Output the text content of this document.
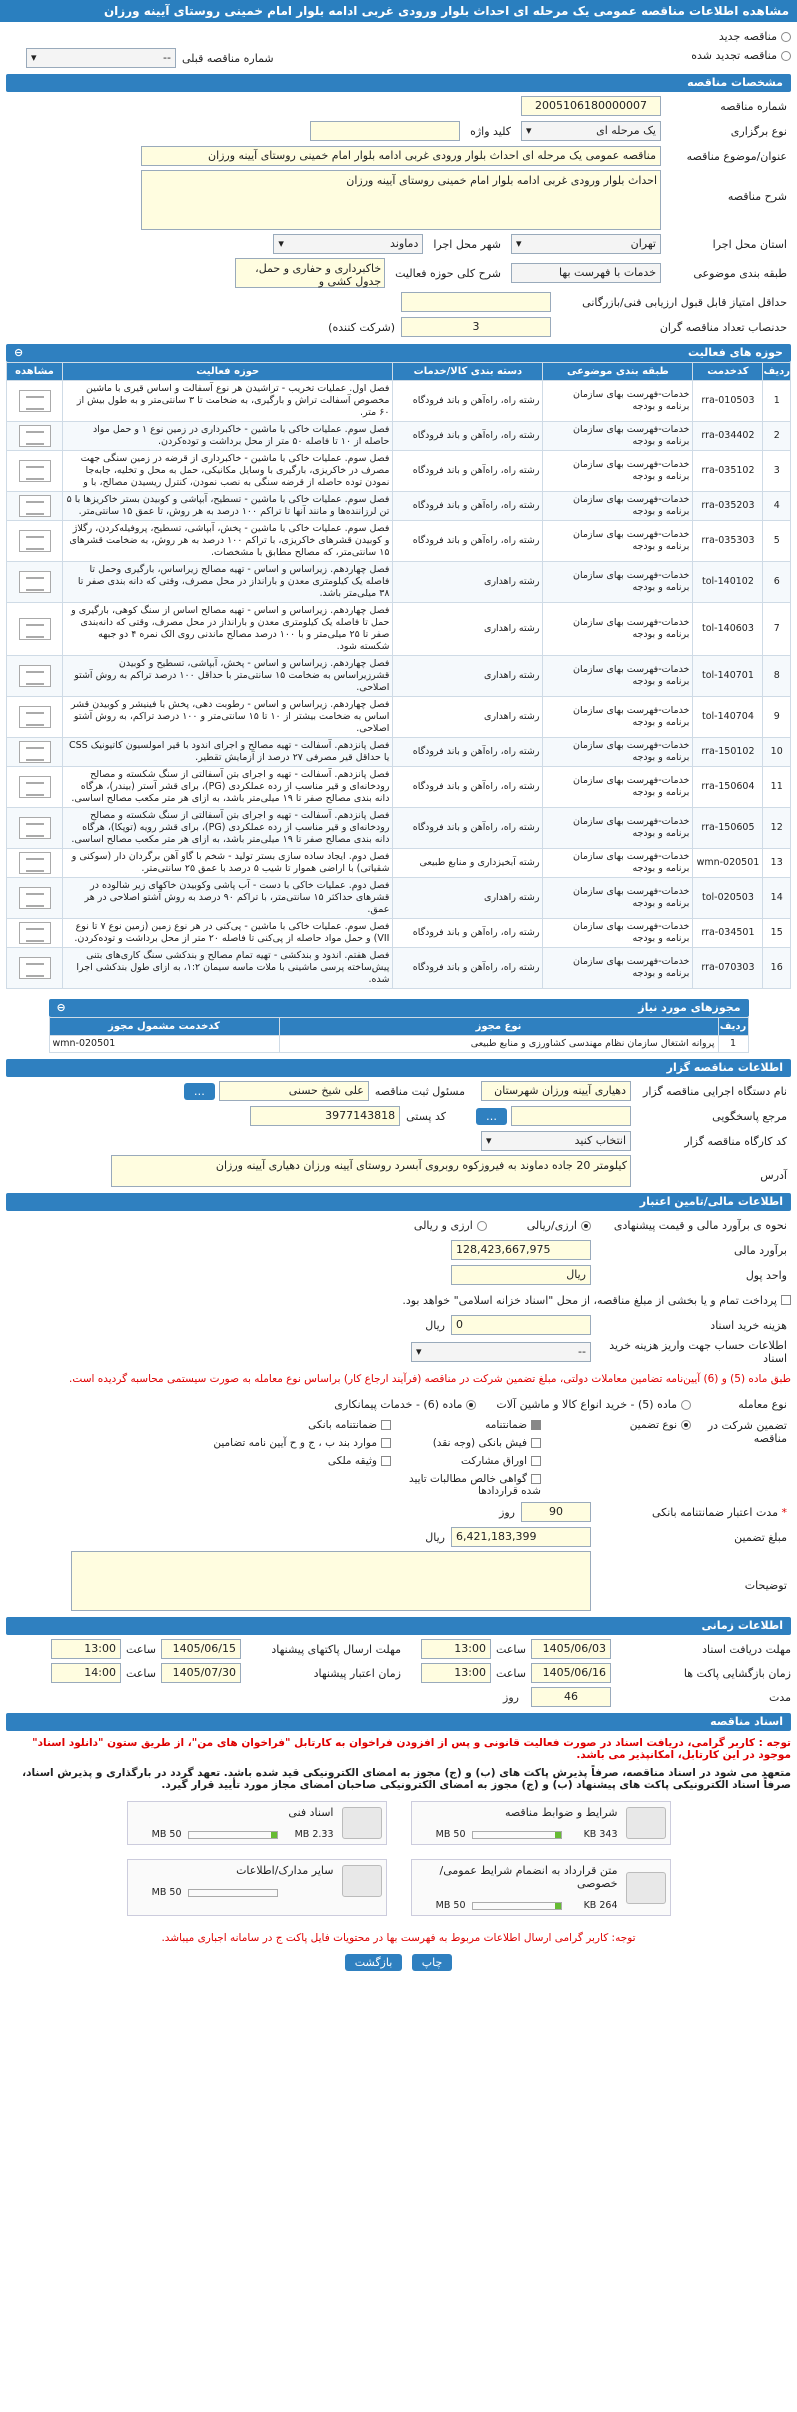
مشاهده اطلاعات مناقصه عمومی یک مرحله ای احداث بلوار ورودی غربی ادامه بلوار امام خمینی روستای آیینه ورزان
مناقصه جدید
مناقصه تجدید شده
شماره مناقصه قبلی
--
▾
مشخصات مناقصه
شماره مناقصه
2005106180000007
نوع برگزاری
یک مرحله ای
▾
کلید واژه
عنوان/موضوع مناقصه
مناقصه عمومی یک مرحله ای احداث بلوار ورودی غربی ادامه بلوار امام خمینی روستای آیینه ورزان
شرح مناقصه
احداث بلوار ورودی غربی ادامه بلوار امام خمینی روستای آیینه ورزان
استان محل اجرا
تهران
▾
شهر محل اجرا
دماوند
▾
طبقه بندی موضوعی
خدمات با فهرست بها
شرح کلی حوزه فعالیت
خاکبرداری و حفاری و حمل، جدول کشی و
حداقل امتیاز قابل قبول ارزیابی فنی/بازرگانی
حدنصاب تعداد مناقصه گران
3
(شرکت کننده)
حوزه های فعالیت
⊖
ردیف	کدخدمت	طبقه بندی موضوعی	دسته بندی کالا/خدمات	حوزه فعالیت	مشاهده
1	rra-010503	خدمات-فهرست بهای سازمان برنامه و بودجه	رشته راه، راه‌آهن و باند فرودگاه	فصل اول. عملیات تخریب - تراشیدن هر نوع آسفالت و اساس قیری با ماشین مخصوص آسفالت تراش و بارگیری، به ضخامت تا ۳ سانتی‌متر و به طول بیش از ۶۰ متر.	

2	rra-034402	خدمات-فهرست بهای سازمان برنامه و بودجه	رشته راه، راه‌آهن و باند فرودگاه	فصل سوم. عملیات خاکی با ماشین - خاکبرداری در زمین نوع ۱ و حمل مواد حاصله از ۱۰ تا فاصله ۵۰ متر از محل برداشت و توده‌کردن.	

3	rra-035102	خدمات-فهرست بهای سازمان برنامه و بودجه	رشته راه، راه‌آهن و باند فرودگاه	فصل سوم. عملیات خاکی با ماشین - خاکبرداری از قرضه در زمین سنگی جهت مصرف در خاکریزی، بارگیری با وسایل مکانیکی، حمل به محل و تخلیه، جابه‌جا نمودن توده حاصله از قرضه سنگی به نصب نمودن، کنترل ریسیدن مصالح، با و	

4	rra-035203	خدمات-فهرست بهای سازمان برنامه و بودجه	رشته راه، راه‌آهن و باند فرودگاه	فصل سوم. عملیات خاکی با ماشین - تسطیح، آبپاشی و کوبیدن بستر خاکریزها با ۵ تن لرزاننده‌ها و مانند آنها تا تراکم ۱۰۰ درصد به هر روش، تا عمق ۱۵ سانتی‌متر.	

5	rra-035303	خدمات-فهرست بهای سازمان برنامه و بودجه	رشته راه، راه‌آهن و باند فرودگاه	فصل سوم. عملیات خاکی با ماشین - پخش، آبپاشی، تسطیح، پروفیله‌کردن، رگلاژ و کوبیدن قشرهای خاکریزی، با تراکم ۱۰۰ درصد به هر روش، به ضخامت قشرهای ۱۵ سانتی‌متر، که مصالح مطابق با مشخصات.	

6	tol-140102	خدمات-فهرست بهای سازمان برنامه و بودجه	رشته راهداری	فصل چهاردهم. زیراساس و اساس - تهیه مصالح زیراساس، بارگیری وحمل تا فاصله یک کیلومتری معدن و بارانداز در محل مصرف، وقتی که دانه بندی صفر تا ۳۸ میلی‌متر باشد.	

7	tol-140603	خدمات-فهرست بهای سازمان برنامه و بودجه	رشته راهداری	فصل چهاردهم. زیراساس و اساس - تهیه مصالح اساس از سنگ کوهی، بارگیری و حمل تا فاصله یک کیلومتری معدن و بارانداز در محل مصرف، وقتی که دانه‌بندی صفر تا ۲۵ میلی‌متر و با ۱۰۰ درصد مصالح ماندنی روی الک نمره ۴ دو جبهه شکسته شود.	

8	tol-140701	خدمات-فهرست بهای سازمان برنامه و بودجه	رشته راهداری	فصل چهاردهم. زیراساس و اساس - پخش، آبپاشی، تسطیح و کوبیدن قشرزیراساس به ضخامت ۱۵ سانتی‌متر با حداقل ۱۰۰ درصد تراکم به روش آشتو اصلاحی.	

9	tol-140704	خدمات-فهرست بهای سازمان برنامه و بودجه	رشته راهداری	فصل چهاردهم. زیراساس و اساس - رطوبت دهی، پخش با فینیشر و کوبیدن قشر اساس به ضخامت بیشتر از ۱۰ تا ۱۵ سانتی‌متر و ۱۰۰ درصد تراکم، به روش آشتو اصلاحی.	

10	rra-150102	خدمات-فهرست بهای سازمان برنامه و بودجه	رشته راه، راه‌آهن و باند فرودگاه	فصل پانزدهم. آسفالت - تهیه مصالح و اجرای اندود با قیر امولسیون کاتیونیک CSS یا حداقل قیر مصرفی ۲۷ درصد از آزمایش تقطیر.	

11	rra-150604	خدمات-فهرست بهای سازمان برنامه و بودجه	رشته راه، راه‌آهن و باند فرودگاه	فصل پانزدهم. آسفالت - تهیه و اجرای بتن آسفالتی از سنگ شکسته و مصالح رودخانه‌ای و قیر مناسب از رده عملکردی (PG)، برای قشر آستر (بیندر)، هرگاه دانه بندی مصالح صفر تا ۱۹ میلی‌متر باشد، به ازای هر متر مکعب مصالح اساسی.	

12	rra-150605	خدمات-فهرست بهای سازمان برنامه و بودجه	رشته راه، راه‌آهن و باند فرودگاه	فصل پانزدهم. آسفالت - تهیه و اجرای بتن آسفالتی از سنگ شکسته و مصالح رودخانه‌ای و قیر مناسب از رده عملکردی (PG)، برای قشر رویه (توپکا)، هرگاه دانه بندی مصالح صفر تا ۱۹ میلی‌متر باشد، به ازای هر متر مکعب مصالح اساسی.	

13	wmn-020501	خدمات-فهرست بهای سازمان برنامه و بودجه	رشته آبخیزداری و منابع طبیعی	فصل دوم. ایجاد ساده سازی بستر تولید - شخم با گاو آهن برگردان دار (سوکنی و شقیاتی) با اراضی هموار تا شیب ۵ درصد با عمق ۲۵ سانتی‌متر.	

14	tol-020503	خدمات-فهرست بهای سازمان برنامه و بودجه	رشته راهداری	فصل دوم. عملیات خاکی با دست - آب پاشی وکوبیدن خاکهای زیر شالوده در قشرهای حداکثر ۱۵ سانتی‌متر، با تراکم ۹۰ درصد به روش آشتو اصلاحی در هر عمق.	

15	rra-034501	خدمات-فهرست بهای سازمان برنامه و بودجه	رشته راه، راه‌آهن و باند فرودگاه	فصل سوم. عملیات خاکی با ماشین - پی‌کنی در هر نوع زمین (زمین نوع ۷ تا نوع VII) و حمل مواد حاصله از پی‌کنی تا فاصله ۲۰ متر از محل برداشت و توده‌کردن.	

16	rra-070303	خدمات-فهرست بهای سازمان برنامه و بودجه	رشته راه، راه‌آهن و باند فرودگاه	فصل هفتم. اندود و بندکشی - تهیه تمام مصالح و بندکشی سنگ کاری‌های بتنی پیش‌ساخته پرسی ماشینی با ملات ماسه سیمان ۱:۲، به ازای طول بندکشی اجرا شده.	
مجوزهای مورد نیاز
⊖
ردیف	نوع مجوز	کدخدمت مشمول مجوز
1	پروانه اشتغال سازمان نظام مهندسی کشاورزی و منابع طبیعی	wmn-020501
اطلاعات مناقصه گزار
نام دستگاه اجرایی مناقصه گزار
دهیاری آیینه ورزان شهرستان
مسئول ثبت مناقصه
علی شیخ حسنی
…
مرجع پاسخگویی
…
کد پستی
3977143818
کد کارگاه مناقصه گزار
انتخاب کنید
▾
آدرس
کیلومتر 20 جاده دماوند به فیروزکوه روبروی آبسرد روستای آیینه ورزان دهیاری آیینه ورزان
اطلاعات مالی/تامین اعتبار
نحوه ی برآورد مالی و قیمت پیشنهادی
ارزی/ریالی
ارزی و ریالی
برآورد مالی
128,423,667,975
واحد پول
ریال
پرداخت تمام و یا بخشی از مبلغ مناقصه، از محل "اسناد خزانه اسلامی" خواهد بود.
هزینه خرید اسناد
0
ریال
اطلاعات حساب جهت واریز هزینه خرید اسناد
--
▾
طبق ماده (5) و (6) آیین‌نامه تضامین معاملات دولتی، مبلغ تضمین شرکت در مناقصه (فرآیند ارجاع کار) براساس نوع معامله به صورت سیستمی محاسبه گردیده است.
نوع معامله
ماده (5) - خرید انواع کالا و ماشین آلات
ماده (6) - خدمات پیمانکاری
تضمین شرکت در مناقصه
نوع تضمین
ضمانتنامه
ضمانتنامه بانکی
فیش بانکی (وجه نقد)
موارد بند ب ، ج و ح آیین نامه تضامین
اوراق مشارکت
وثیقه ملکی
گواهی خالص مطالبات تایید شده قراردادها
* مدت اعتبار ضمانتنامه بانکی
90
روز
مبلغ تضمین
6,421,183,399
ریال
توضیحات
اطلاعات زمانی
مهلت دریافت اسناد
1405/06/03
ساعت
13:00
مهلت ارسال پاکتهای پیشنهاد
1405/06/15
ساعت
13:00
زمان بازگشایی پاکت ها
1405/06/16
ساعت
13:00
زمان اعتبار پیشنهاد
1405/07/30
ساعت
14:00
مدت
46
روز
اسناد مناقصه
توجه : کاربر گرامی، دریافت اسناد در صورت فعالیت قانونی و پس از افزودن فراخوان به کارتابل "فراخوان های من"، از طریق ستون "دانلود اسناد" موجود در این کارتابل، امکانپذیر می باشد.
متعهد می شود در اسناد مناقصه، صرفاً پذیرش پاکت های (ب) و (ج) مجوز به امضای الکترونیکی قید شده باشد. تعهد گردد در بارگذاری و پذیرش اسناد، صرفاً اسناد الکترونیکی پاکت های پیشنهاد (ب) و (ج) مجوز به امضای الکترونیکی صاحبان امضای مجاز مورد تأیید قرار گیرد.
شرایط و ضوابط مناقصه
343 KB
50 MB
اسناد فنی
2.33 MB
50 MB
متن قرارداد به انضمام شرایط عمومی/خصوصی
264 KB
50 MB
سایر مدارک/اطلاعات
50 MB
توجه: کاربر گرامی ارسال اطلاعات مربوط به فهرست بها در محتویات فایل پاکت ج در سامانه اجباری میباشد.
چاپ بازگشت
